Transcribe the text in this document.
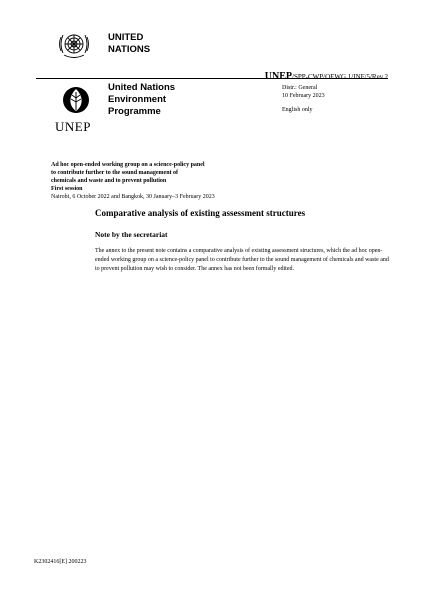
UNITED
NATIONS
UNEP/SPP-CWP/OEWG.1/INF/5/Rev.2
UNEP
United Nations
Environment
Programme
Distr.: General
10 February 2023
English only
Ad hoc open-ended working group on a science-policy panel
to contribute further to the sound management of
chemicals and waste and to prevent pollution
First session
Nairobi, 6 October 2022 and Bangkok, 30 January–3 February 2023
Comparative analysis of existing assessment structures
Note by the secretariat
The annex to the present note contains a comparative analysis of existing assessment structures, which the ad hoc open-ended working group on a science-policy panel to contribute further to the sound management of chemicals and waste and to prevent pollution may wish to consider. The annex has not been formally edited.
K2302416[E] 200223
